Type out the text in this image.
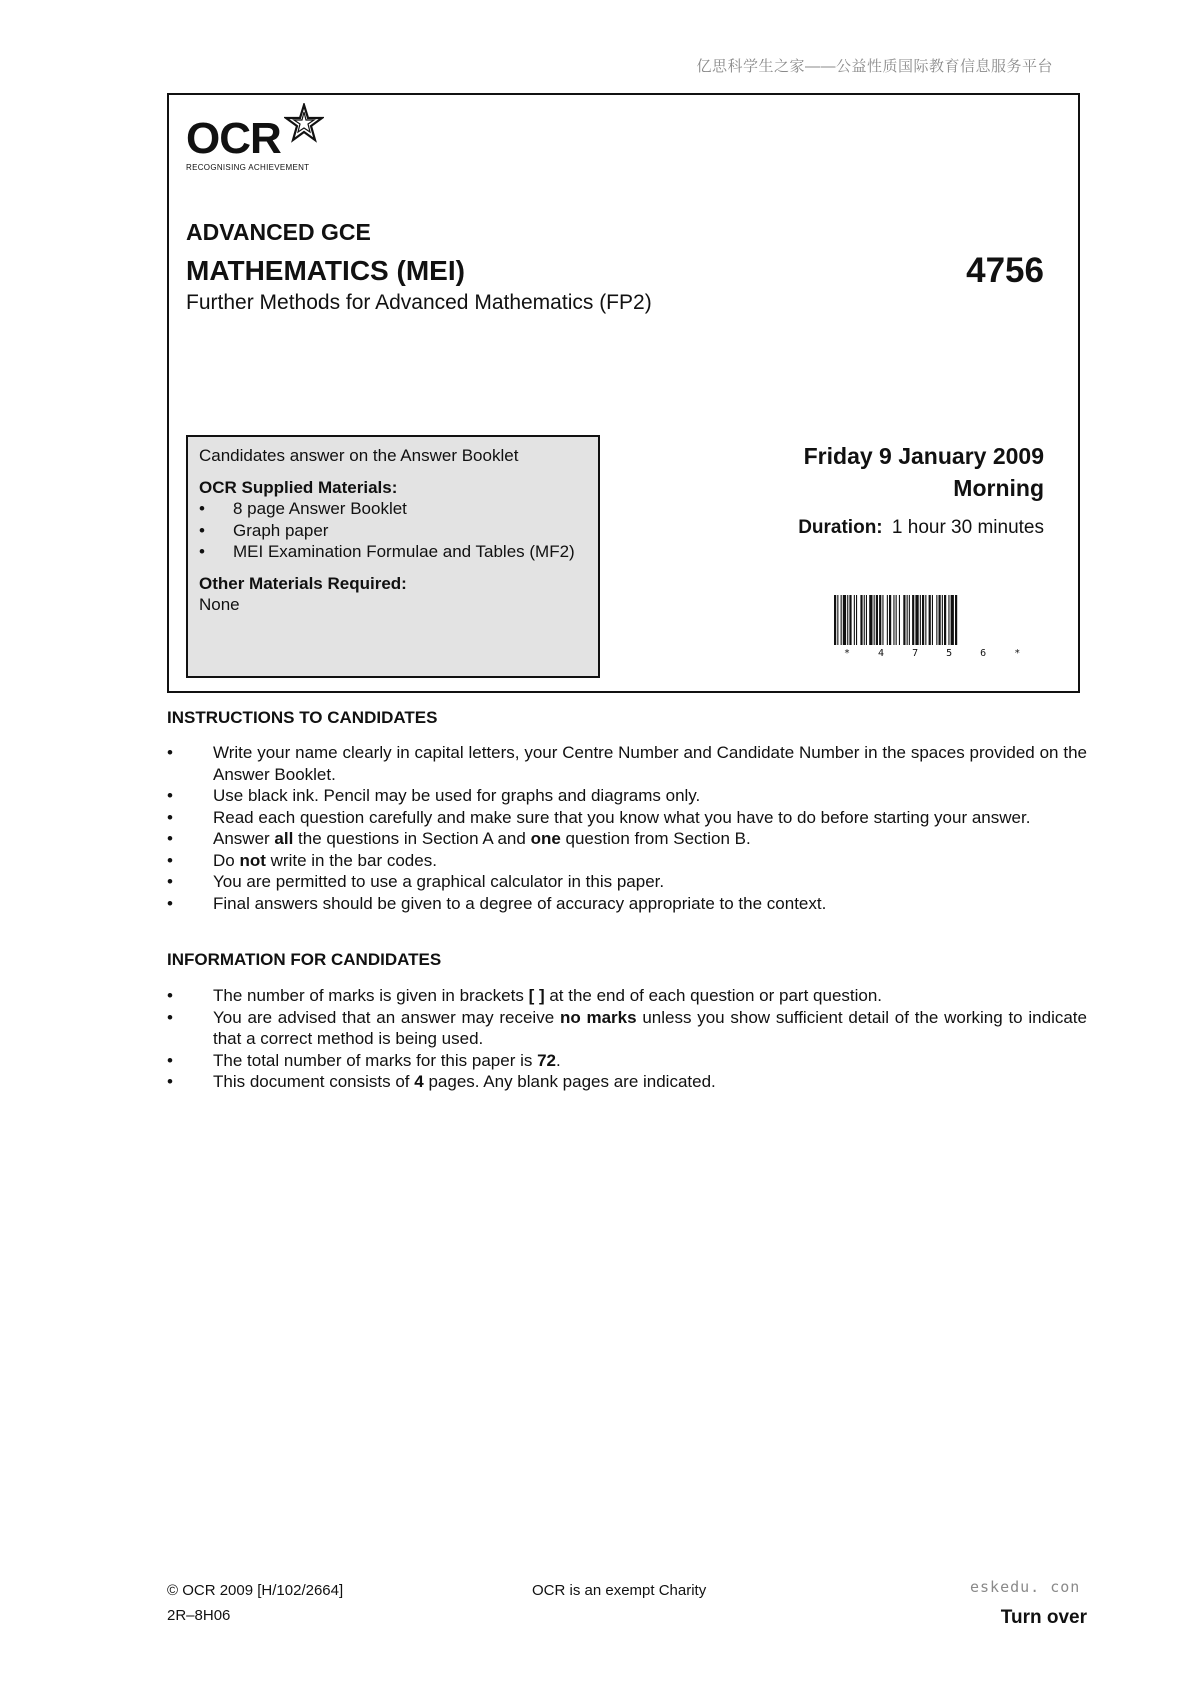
亿思科学生之家——公益性质国际教育信息服务平台
OCR
RECOGNISING ACHIEVEMENT
ADVANCED GCE
MATHEMATICS (MEI)	4756
Further Methods for Advanced Mathematics (FP2)
Candidates answer on the Answer Booklet
OCR Supplied Materials:
• 8 page Answer Booklet
• Graph paper
• MEI Examination Formulae and Tables (MF2)
Other Materials Required:
None
Friday 9 January 2009
Morning
Duration: 1 hour 30 minutes
* 4 7 5 6 *
INSTRUCTIONS TO CANDIDATES
• Write your name clearly in capital letters, your Centre Number and Candidate Number in the spaces provided on the Answer Booklet.
• Use black ink. Pencil may be used for graphs and diagrams only.
• Read each question carefully and make sure that you know what you have to do before starting your answer.
• Answer all the questions in Section A and one question from Section B.
• Do not write in the bar codes.
• You are permitted to use a graphical calculator in this paper.
• Final answers should be given to a degree of accuracy appropriate to the context.
INFORMATION FOR CANDIDATES
• The number of marks is given in brackets [ ] at the end of each question or part question.
• You are advised that an answer may receive no marks unless you show sufficient detail of the working to indicate that a correct method is being used.
• The total number of marks for this paper is 72.
• This document consists of 4 pages. Any blank pages are indicated.
© OCR 2009 [H/102/2664]
2R–8H06
OCR is an exempt Charity	eskedu. con
Turn over
